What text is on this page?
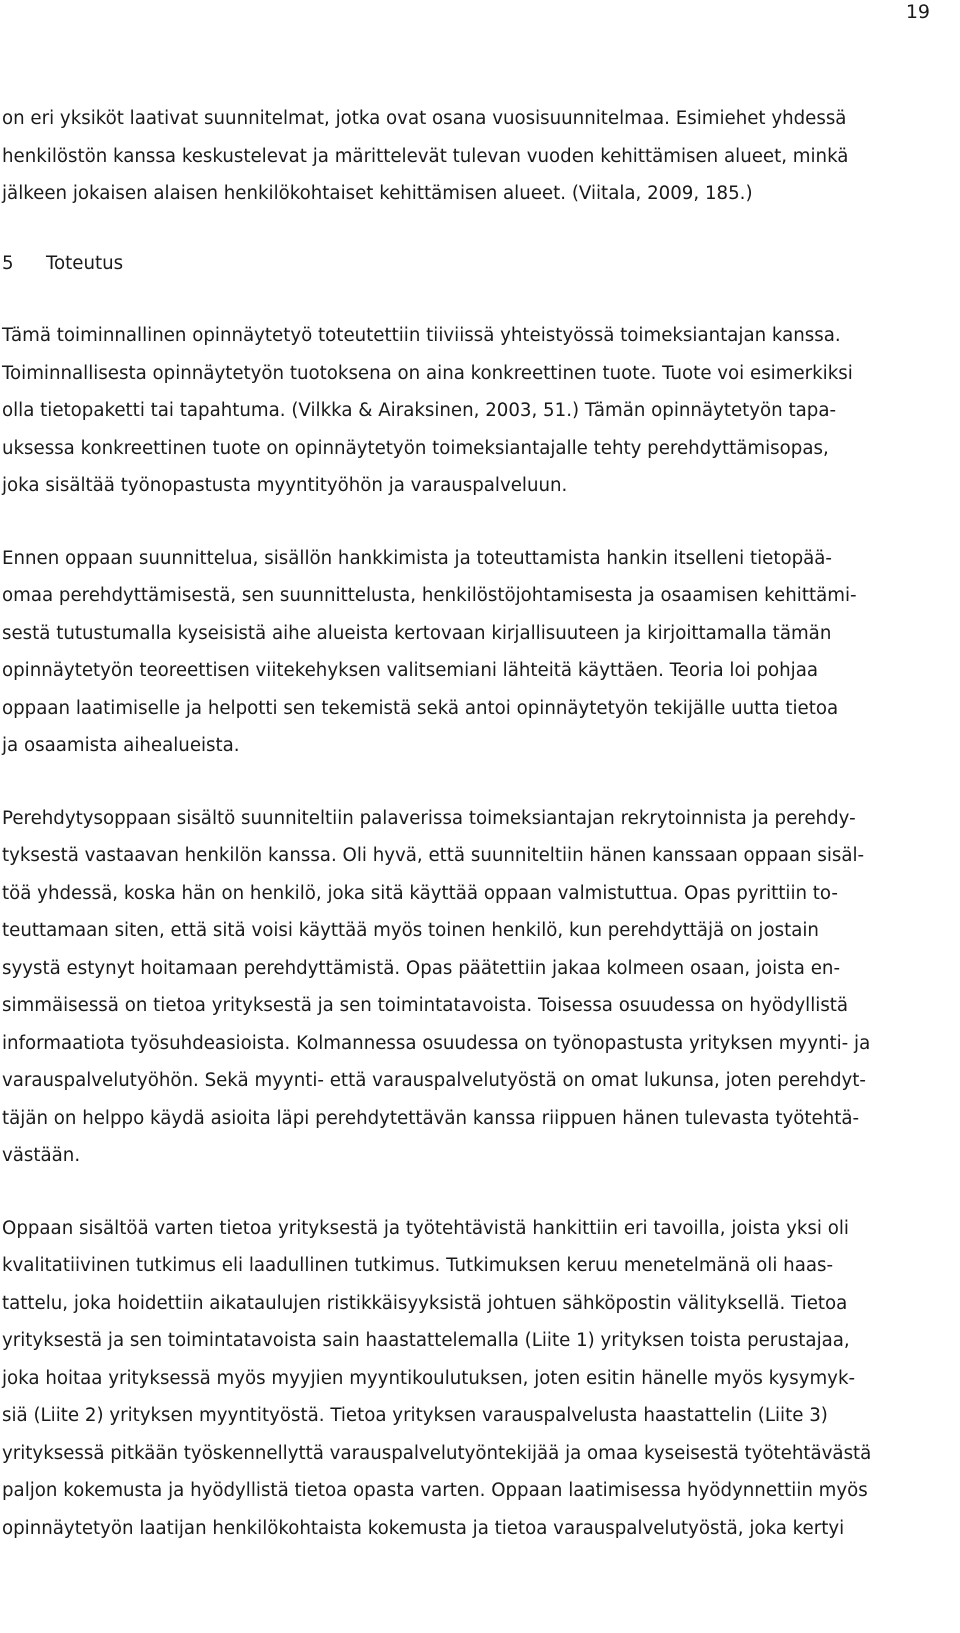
19

on eri yksiköt laativat suunnitelmat, jotka ovat osana vuosisuunnitelmaa. Esimiehet yhdessä
henkilöstön kanssa keskustelevat ja märittelevät tulevan vuoden kehittämisen alueet, minkä
jälkeen jokaisen alaisen henkilökohtaiset kehittämisen alueet. (Viitala, 2009, 185.)

5 Toteutus

Tämä toiminnallinen opinnäytetyö toteutettiin tiiviissä yhteistyössä toimeksiantajan kanssa.
Toiminnallisesta opinnäytetyön tuotoksena on aina konkreettinen tuote. Tuote voi esimerkiksi
olla tietopaketti tai tapahtuma. (Vilkka & Airaksinen, 2003, 51.) Tämän opinnäytetyön tapa-
uksessa konkreettinen tuote on opinnäytetyön toimeksiantajalle tehty perehdyttämisopas,
joka sisältää työnopastusta myyntityöhön ja varauspalveluun.

Ennen oppaan suunnittelua, sisällön hankkimista ja toteuttamista hankin itselleni tietopää-
omaa perehdyttämisestä, sen suunnittelusta, henkilöstöjohtamisesta ja osaamisen kehittämi-
sestä tutustumalla kyseisistä aihe alueista kertovaan kirjallisuuteen ja kirjoittamalla tämän
opinnäytetyön teoreettisen viitekehyksen valitsemiani lähteitä käyttäen. Teoria loi pohjaa
oppaan laatimiselle ja helpotti sen tekemistä sekä antoi opinnäytetyön tekijälle uutta tietoa
ja osaamista aihealueista.

Perehdytysoppaan sisältö suunniteltiin palaverissa toimeksiantajan rekrytoinnista ja perehdy-
tyksestä vastaavan henkilön kanssa. Oli hyvä, että suunniteltiin hänen kanssaan oppaan sisäl-
töä yhdessä, koska hän on henkilö, joka sitä käyttää oppaan valmistuttua. Opas pyrittiin to-
teuttamaan siten, että sitä voisi käyttää myös toinen henkilö, kun perehdyttäjä on jostain
syystä estynyt hoitamaan perehdyttämistä. Opas päätettiin jakaa kolmeen osaan, joista en-
simmäisessä on tietoa yrityksestä ja sen toimintatavoista. Toisessa osuudessa on hyödyllistä
informaatiota työsuhdeasioista. Kolmannessa osuudessa on työnopastusta yrityksen myynti- ja
varauspalvelutyöhön. Sekä myynti- että varauspalvelutyöstä on omat lukunsa, joten perehdyt-
täjän on helppo käydä asioita läpi perehdytettävän kanssa riippuen hänen tulevasta työtehtä-
västään.

Oppaan sisältöä varten tietoa yrityksestä ja työtehtävistä hankittiin eri tavoilla, joista yksi oli
kvalitatiivinen tutkimus eli laadullinen tutkimus. Tutkimuksen keruu menetelmänä oli haas-
tattelu, joka hoidettiin aikataulujen ristikkäisyyksistä johtuen sähköpostin välityksellä. Tietoa
yrityksestä ja sen toimintatavoista sain haastattelemalla (Liite 1) yrityksen toista perustajaa,
joka hoitaa yrityksessä myös myyjien myyntikoulutuksen, joten esitin hänelle myös kysymyk-
siä (Liite 2) yrityksen myyntityöstä. Tietoa yrityksen varauspalvelusta haastattelin (Liite 3)
yrityksessä pitkään työskennellyttä varauspalvelutyöntekijää ja omaa kyseisestä työtehtävästä
paljon kokemusta ja hyödyllistä tietoa opasta varten. Oppaan laatimisessa hyödynnettiin myös
opinnäytetyön laatijan henkilökohtaista kokemusta ja tietoa varauspalvelutyöstä, joka kertyi
